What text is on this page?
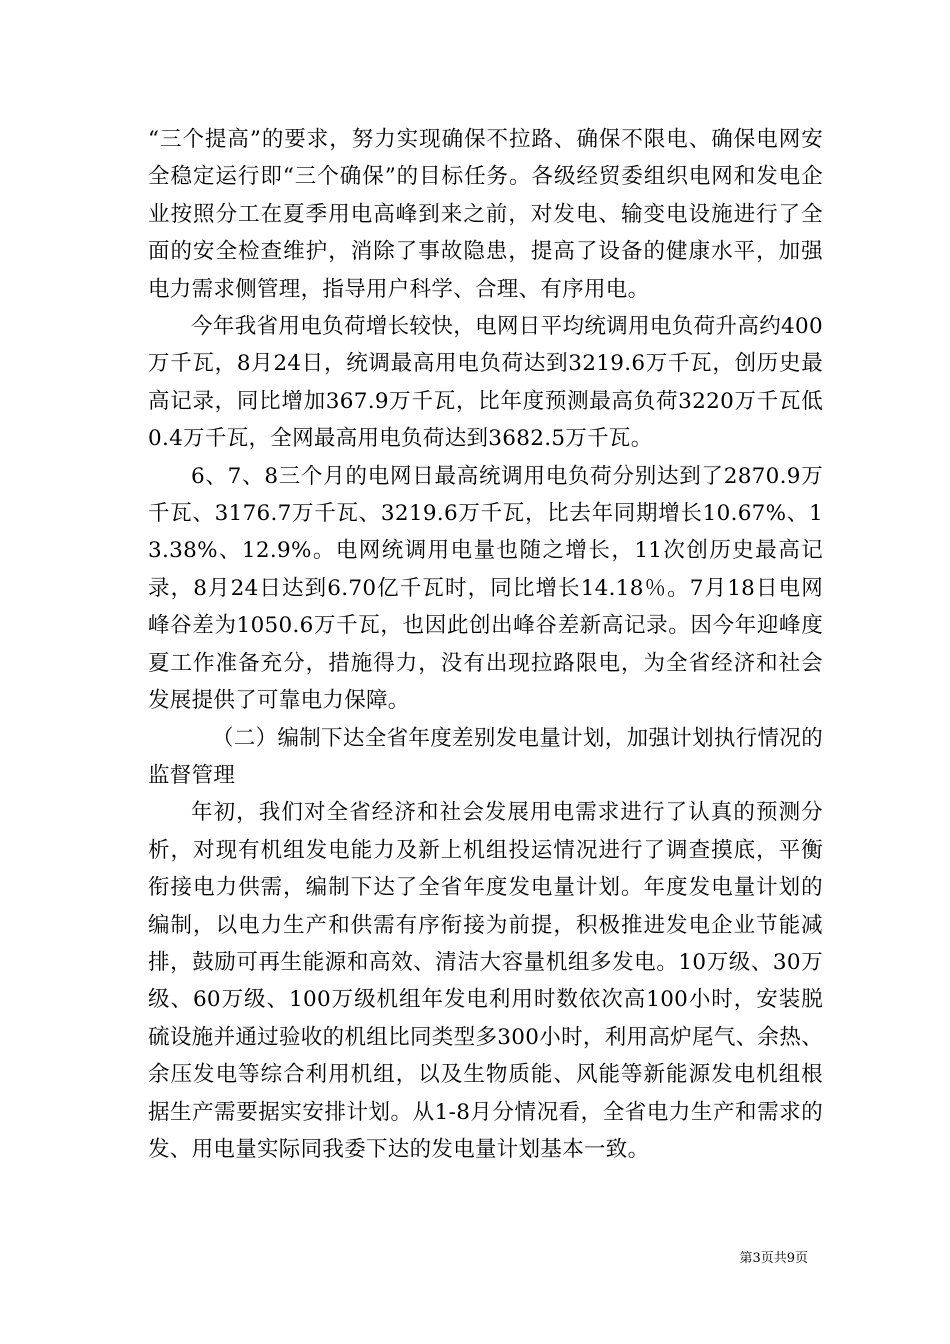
“三个提高”的要求，努力实现确保不拉路、确保不限电、确保电网安全稳定运行即“三个确保”的目标任务。各级经贸委组织电网和发电企业按照分工在夏季用电高峰到来之前，对发电、输变电设施进行了全面的安全检查维护，消除了事故隐患，提高了设备的健康水平，加强电力需求侧管理，指导用户科学、合理、有序用电。

今年我省用电负荷增长较快，电网日平均统调用电负荷升高约400万千瓦，8月24日，统调最高用电负荷达到3219.6万千瓦，创历史最高记录，同比增加367.9万千瓦，比年度预测最高负荷3220万千瓦低0.4万千瓦，全网最高用电负荷达到3682.5万千瓦。

6、7、8三个月的电网日最高统调用电负荷分别达到了2870.9万千瓦、3176.7万千瓦、3219.6万千瓦，比去年同期增长10.67%、13.38%、12.9%。电网统调用电量也随之增长，11次创历史最高记录，8月24日达到6.70亿千瓦时，同比增长14.18％。7月18日电网峰谷差为1050.6万千瓦，也因此创出峰谷差新高记录。因今年迎峰度夏工作准备充分，措施得力，没有出现拉路限电，为全省经济和社会发展提供了可靠电力保障。

（二）编制下达全省年度差别发电量计划，加强计划执行情况的监督管理

年初，我们对全省经济和社会发展用电需求进行了认真的预测分析，对现有机组发电能力及新上机组投运情况进行了调查摸底，平衡衔接电力供需，编制下达了全省年度发电量计划。年度发电量计划的编制，以电力生产和供需有序衔接为前提，积极推进发电企业节能减排，鼓励可再生能源和高效、清洁大容量机组多发电。10万级、30万级、60万级、100万级机组年发电利用时数依次高100小时，安装脱硫设施并通过验收的机组比同类型多300小时，利用高炉尾气、余热、余压发电等综合利用机组，以及生物质能、风能等新能源发电机组根据生产需要据实安排计划。从1-8月分情况看，全省电力生产和需求的发、用电量实际同我委下达的发电量计划基本一致。

第3页共9页
